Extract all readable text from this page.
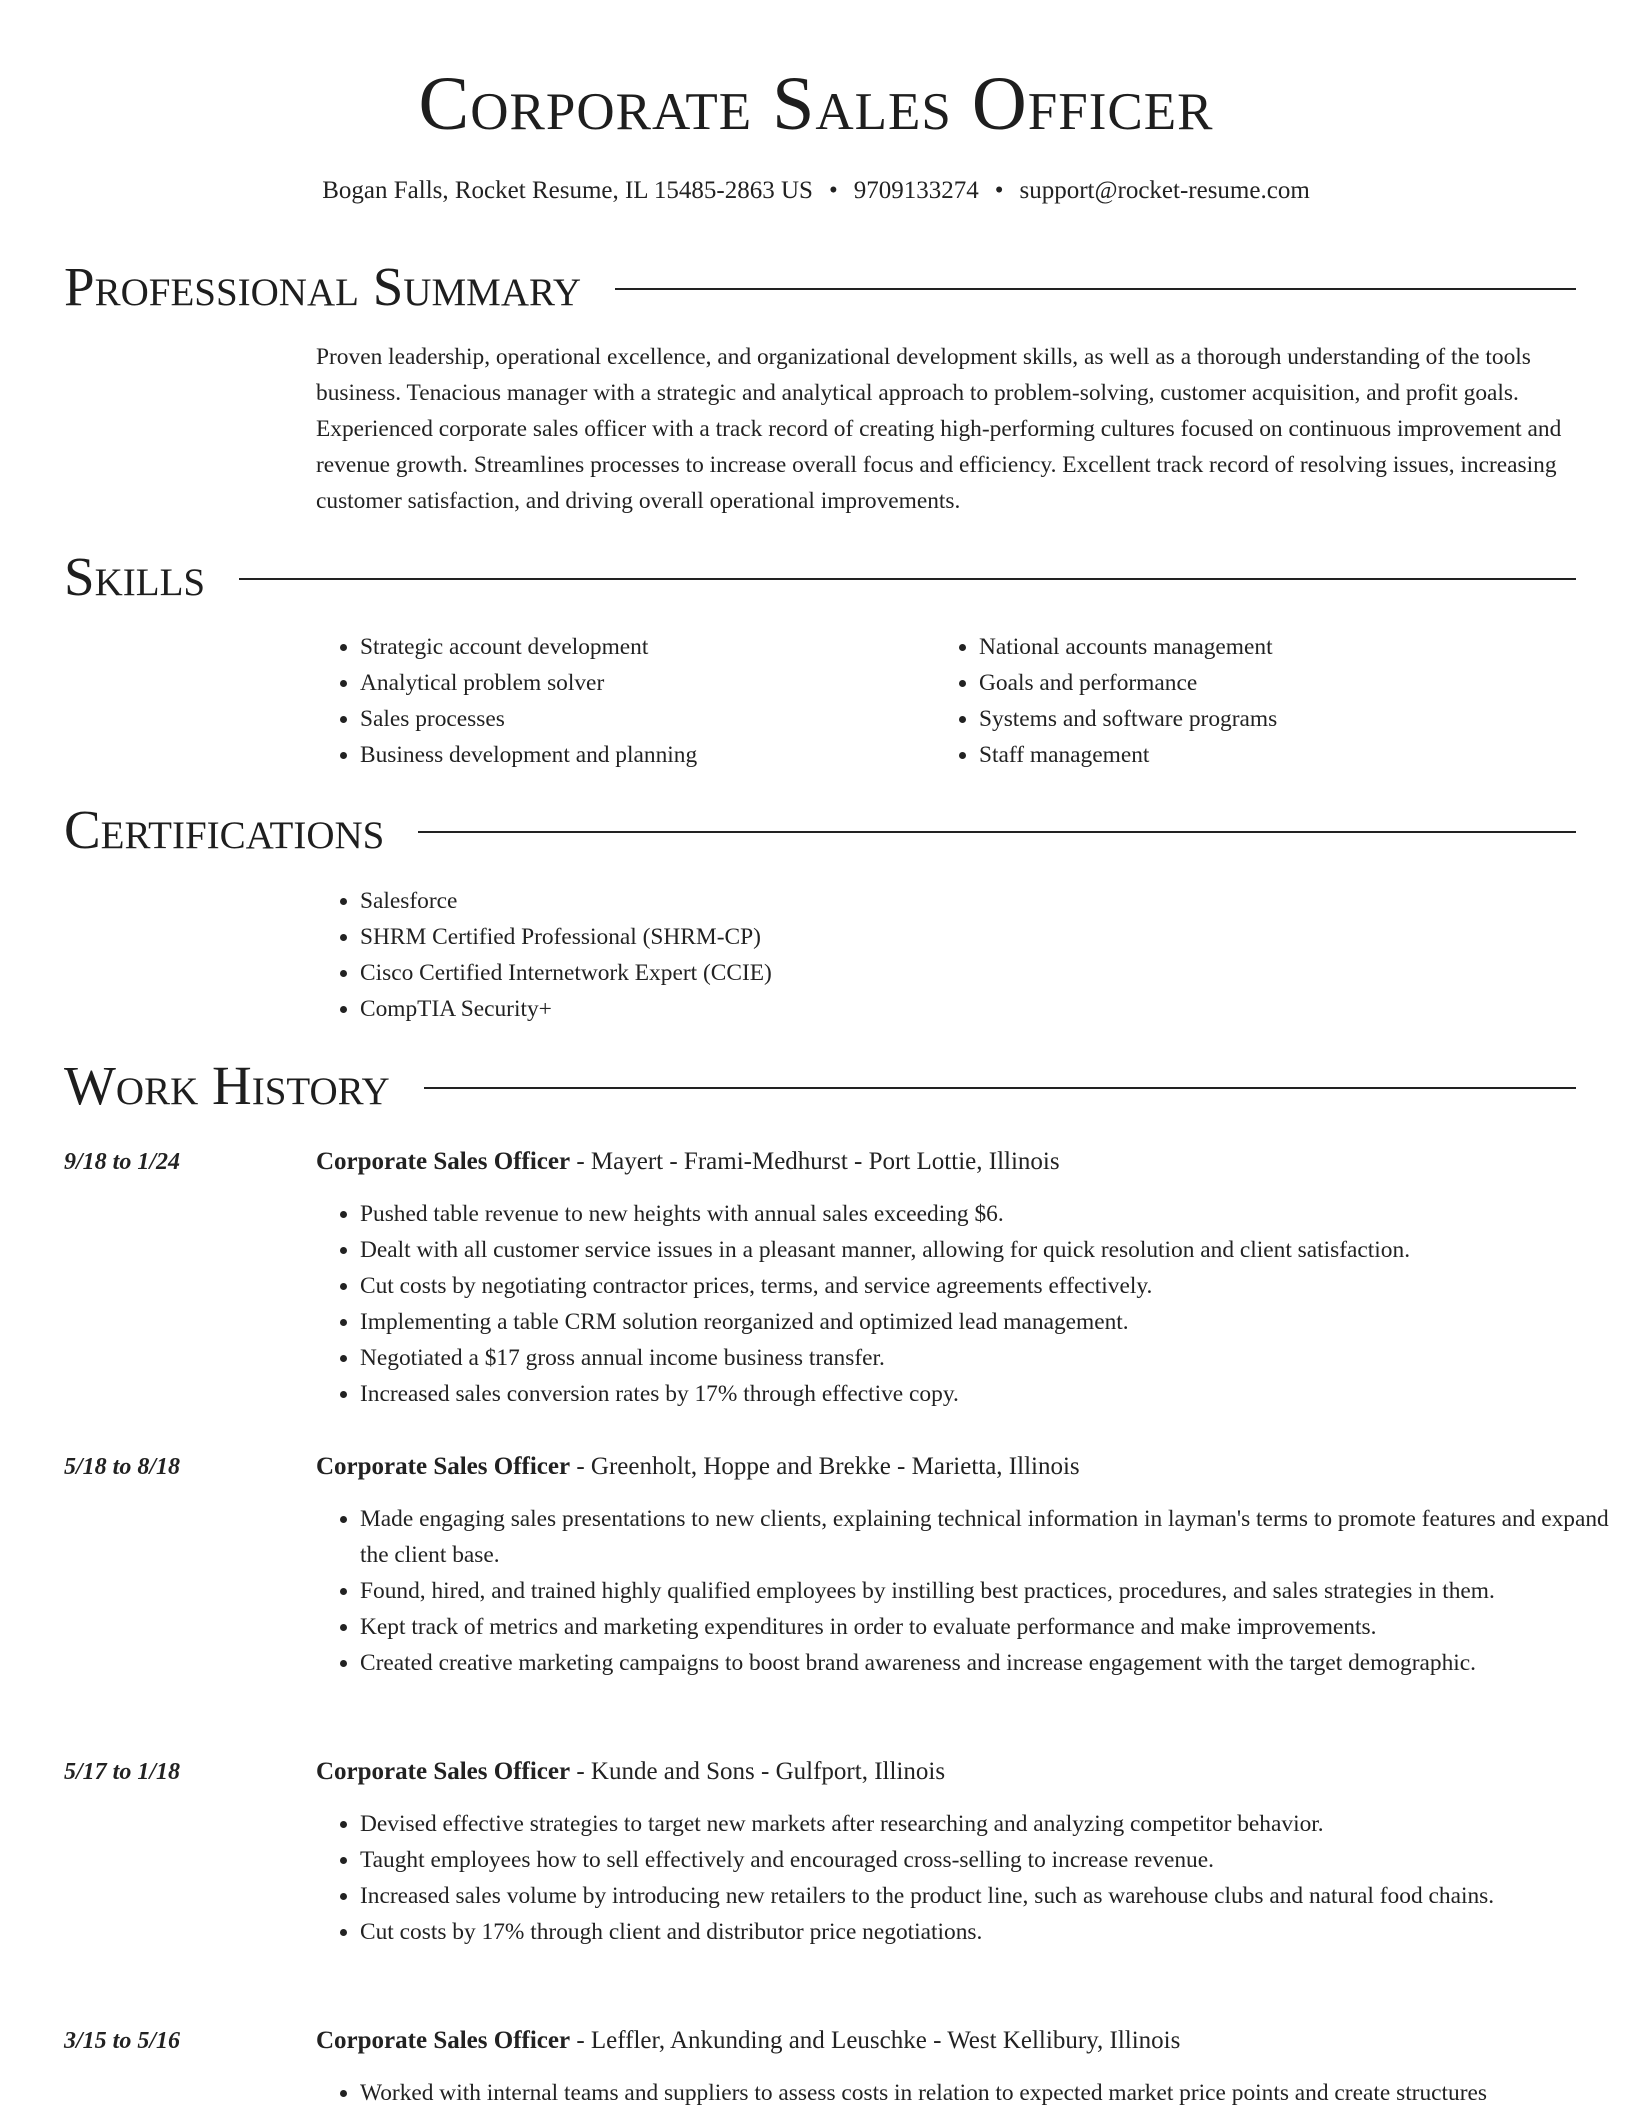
Corporate Sales Officer
Bogan Falls, Rocket Resume, IL 15485-2863 US • 9709133274 • support@rocket-resume.com
Professional Summary

Proven leadership, operational excellence, and organizational development skills, as well as a thorough understanding of the tools business. Tenacious manager with a strategic and analytical approach to problem-solving, customer acquisition, and profit goals. Experienced corporate sales officer with a track record of creating high-performing cultures focused on continuous improvement and revenue growth. Streamlines processes to increase overall focus and efficiency. Excellent track record of resolving issues, increasing customer satisfaction, and driving overall operational improvements.

Skills
• Strategic account development
• Analytical problem solver
• Sales processes
• Business development and planning
• National accounts management
• Goals and performance
• Systems and software programs
• Staff management
Certifications
• Salesforce
• SHRM Certified Professional (SHRM-CP)
• Cisco Certified Internetwork Expert (CCIE)
• CompTIA Security+
Work History
9/18 to 1/24	Corporate Sales Officer - Mayert - Frami-Medhurst - Port Lottie, Illinois
• Pushed table revenue to new heights with annual sales exceeding $6.
• Dealt with all customer service issues in a pleasant manner, allowing for quick resolution and client satisfaction.
• Cut costs by negotiating contractor prices, terms, and service agreements effectively.
• Implementing a table CRM solution reorganized and optimized lead management.
• Negotiated a $17 gross annual income business transfer.
• Increased sales conversion rates by 17% through effective copy.
5/18 to 8/18	Corporate Sales Officer - Greenholt, Hoppe and Brekke - Marietta, Illinois
• Made engaging sales presentations to new clients, explaining technical information in layman's terms to promote features and expand the client base.
• Found, hired, and trained highly qualified employees by instilling best practices, procedures, and sales strategies in them.
• Kept track of metrics and marketing expenditures in order to evaluate performance and make improvements.
• Created creative marketing campaigns to boost brand awareness and increase engagement with the target demographic.
5/17 to 1/18	Corporate Sales Officer - Kunde and Sons - Gulfport, Illinois
• Devised effective strategies to target new markets after researching and analyzing competitor behavior.
• Taught employees how to sell effectively and encouraged cross-selling to increase revenue.
• Increased sales volume by introducing new retailers to the product line, such as warehouse clubs and natural food chains.
• Cut costs by 17% through client and distributor price negotiations.
3/15 to 5/16	Corporate Sales Officer - Leffler, Ankunding and Leuschke - West Kellibury, Illinois
• Worked with internal teams and suppliers to assess costs in relation to expected market price points and create structures
